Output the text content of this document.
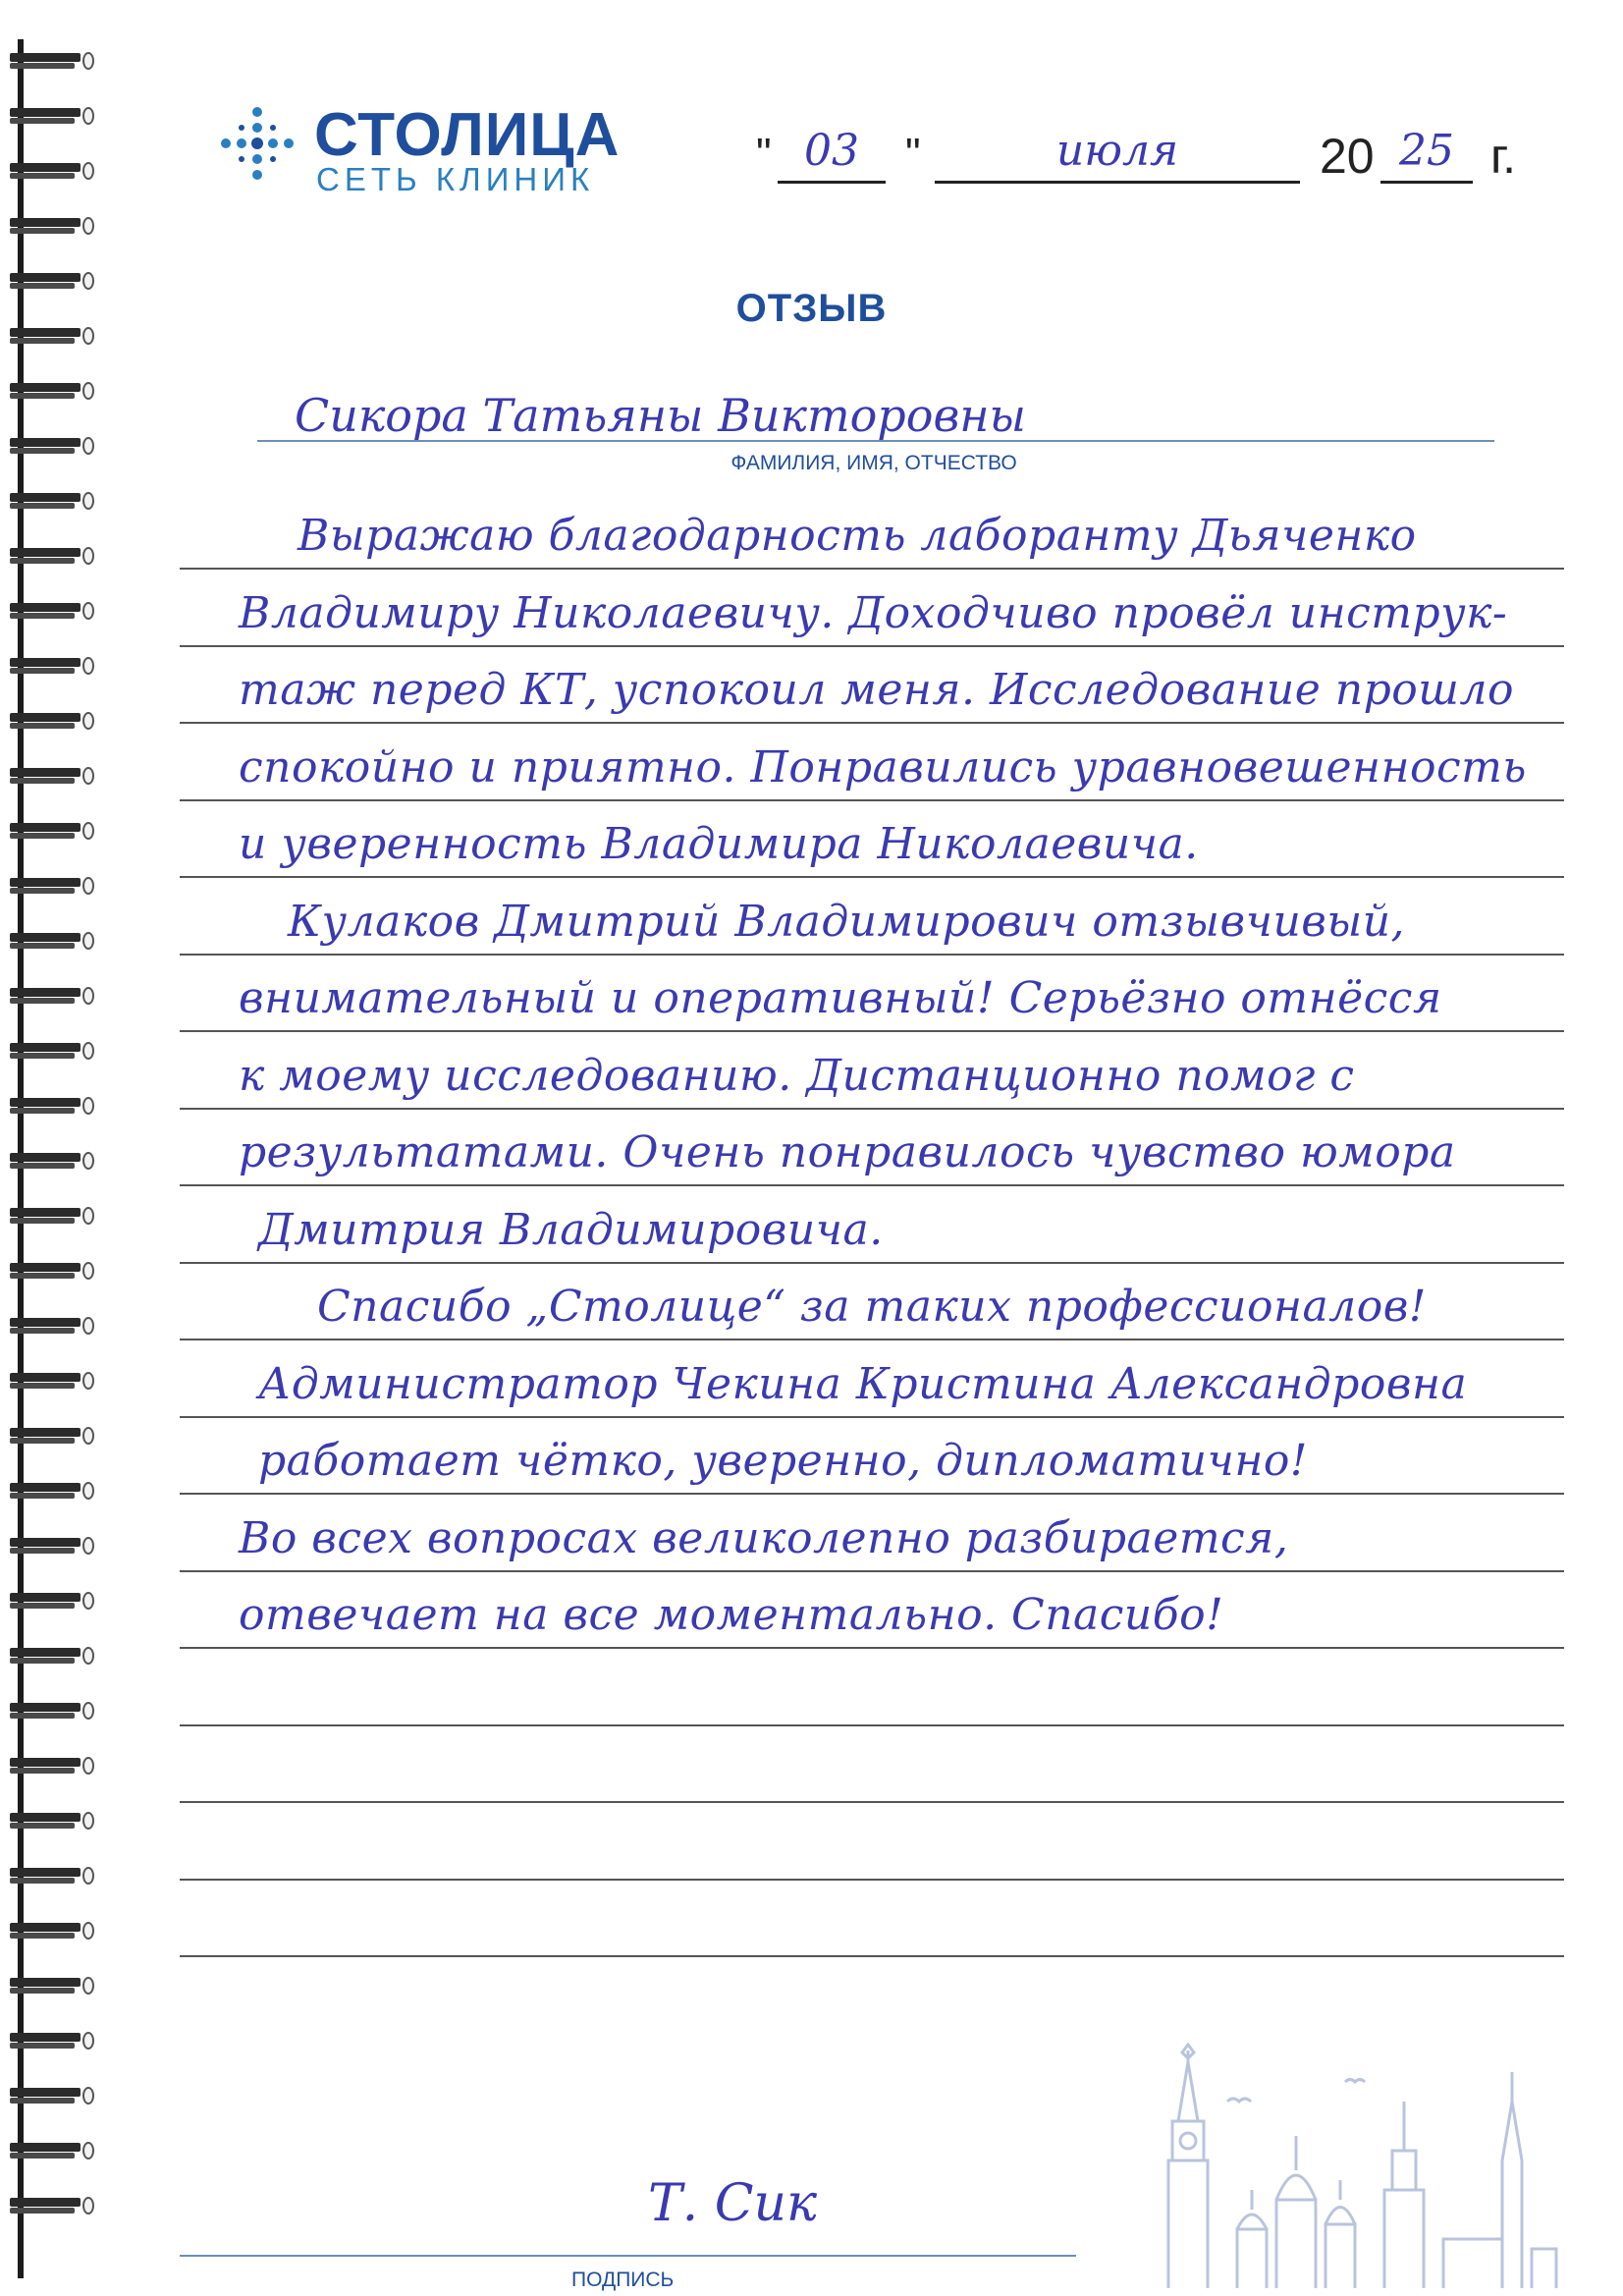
СТОЛИЦА
СЕТЬ КЛИНИК
" 03	"	июля	20 25 г.
ОТЗЫВ
Сикора Татьяны Викторовны
ФАМИЛИЯ, ИМЯ, ОТЧЕСТВО
Выражаю благодарность лаборанту Дьяченко
Владимиру Николаевичу. Доходчиво провёл инструк-
таж перед КТ, успокоил меня. Исследование прошло
спокойно и приятно. Понравились уравновешенность
и уверенность Владимира Николаевича.
Кулаков Дмитрий Владимирович отзывчивый,
внимательный и оперативный! Серьёзно отнёсся
к моему исследованию. Дистанционно помог с
результатами. Очень понравилось чувство юмора
Дмитрия Владимировича.
Спасибо „Столице“ за таких профессионалов!
Администратор Чекина Кристина Александровна
работает чётко, уверенно, дипломатично!
Во всех вопросах великолепно разбирается,
отвечает на все моментально. Спасибо!
Т. Сик
ПОДПИСЬ
